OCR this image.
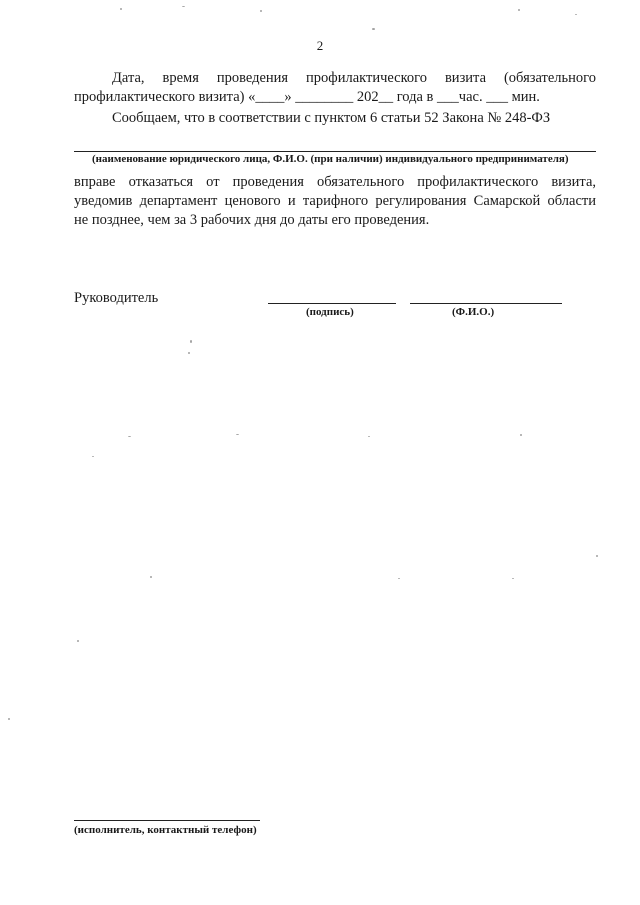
2
Дата, время проведения профилактического визита (обязательного
профилактического визита) «____» ________ 202__ года в ___час. ___ мин.
Сообщаем, что в соответствии с пунктом 6 статьи 52 Закона № 248-ФЗ
(наименование юридического лица, Ф.И.О. (при наличии) индивидуального предпринимателя)
вправе отказаться от проведения обязательного профилактического визита,
уведомив департамент ценового и тарифного регулирования Самарской области
не позднее, чем за 3 рабочих дня до даты его проведения.
Руководитель
(подпись)	(Ф.И.О.)
(исполнитель, контактный телефон)
